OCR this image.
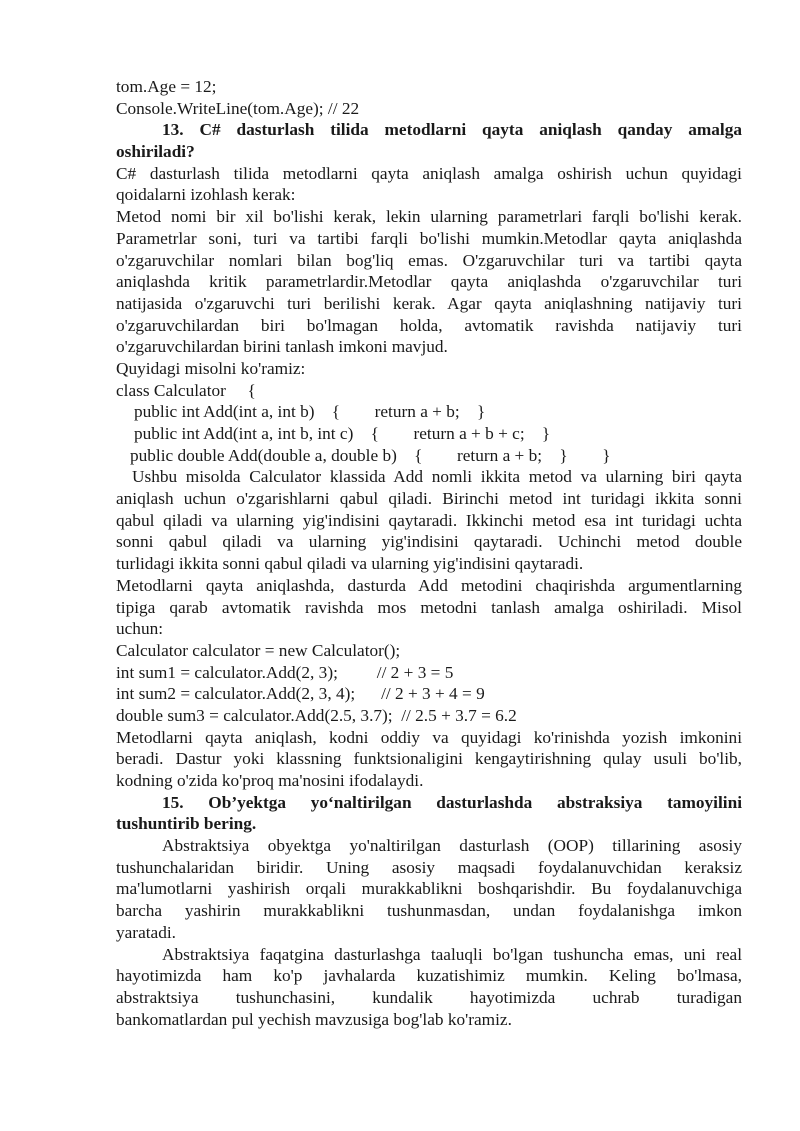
tom.Age = 12;
Console.WriteLine(tom.Age); // 22
13. C# dasturlash tilida metodlarni qayta aniqlash qanday amalga
oshiriladi?
C# dasturlash tilida metodlarni qayta aniqlash amalga oshirish uchun quyidagi
qoidalarni izohlash kerak:
Metod nomi bir xil bo'lishi kerak, lekin ularning parametrlari farqli bo'lishi kerak.
Parametrlar soni, turi va tartibi farqli bo'lishi mumkin.Metodlar qayta aniqlashda
o'zgaruvchilar nomlari bilan bog'liq emas. O'zgaruvchilar turi va tartibi qayta
aniqlashda kritik parametrlardir.Metodlar qayta aniqlashda o'zgaruvchilar turi
natijasida o'zgaruvchi turi berilishi kerak. Agar qayta aniqlashning natijaviy turi
o'zgaruvchilardan biri bo'lmagan holda, avtomatik ravishda natijaviy turi
o'zgaruvchilardan birini tanlash imkoni mavjud.
Quyidagi misolni ko'ramiz:
class Calculator     {
public int Add(int a, int b)    {        return a + b;    }
public int Add(int a, int b, int c)    {        return a + b + c;    }
public double Add(double a, double b)    {        return a + b;    }        }
Ushbu misolda Calculator klassida Add nomli ikkita metod va ularning biri qayta
aniqlash uchun o'zgarishlarni qabul qiladi. Birinchi metod int turidagi ikkita sonni
qabul qiladi va ularning yig'indisini qaytaradi. Ikkinchi metod esa int turidagi uchta
sonni qabul qiladi va ularning yig'indisini qaytaradi. Uchinchi metod double
turlidagi ikkita sonni qabul qiladi va ularning yig'indisini qaytaradi.
Metodlarni qayta aniqlashda, dasturda Add metodini chaqirishda argumentlarning
tipiga qarab avtomatik ravishda mos metodni tanlash amalga oshiriladi. Misol
uchun:
Calculator calculator = new Calculator();
int sum1 = calculator.Add(2, 3);         // 2 + 3 = 5
int sum2 = calculator.Add(2, 3, 4);      // 2 + 3 + 4 = 9
double sum3 = calculator.Add(2.5, 3.7);  // 2.5 + 3.7 = 6.2
Metodlarni qayta aniqlash, kodni oddiy va quyidagi ko'rinishda yozish imkonini
beradi. Dastur yoki klassning funktsionaligini kengaytirishning qulay usuli bo'lib,
kodning o'zida ko'proq ma'nosini ifodalaydi.
15. Ob’yektga yo‘naltirilgan dasturlashda abstraksiya tamoyilini
tushuntirib bering.
Abstraktsiya obyektga yo'naltirilgan dasturlash (OOP) tillarining asosiy
tushunchalaridan biridir. Uning asosiy maqsadi foydalanuvchidan keraksiz
ma'lumotlarni yashirish orqali murakkablikni boshqarishdir. Bu foydalanuvchiga
barcha yashirin murakkablikni tushunmasdan, undan foydalanishga imkon
yaratadi.
Abstraktsiya faqatgina dasturlashga taaluqli bo'lgan tushuncha emas, uni real
hayotimizda ham ko'p javhalarda kuzatishimiz mumkin. Keling bo'lmasa,
abstraktsiya tushunchasini, kundalik hayotimizda uchrab turadigan
bankomatlardan pul yechish mavzusiga bog'lab ko'ramiz.
